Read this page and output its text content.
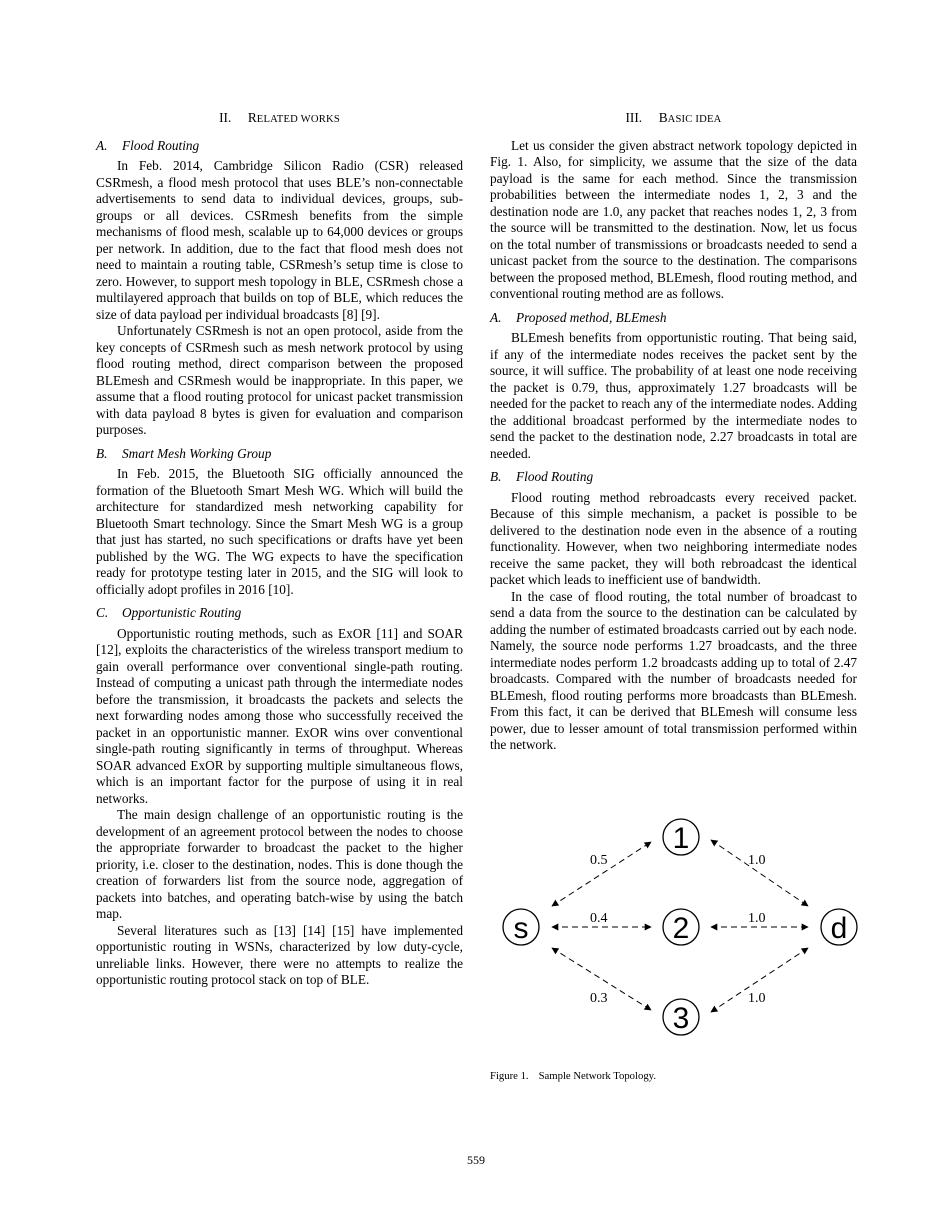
II. RELATED WORKS
A. Flood Routing

In Feb. 2014, Cambridge Silicon Radio (CSR) released CSRmesh, a flood mesh protocol that uses BLE’s non-connectable advertisements to send data to individual devices, groups, sub-groups or all devices. CSRmesh benefits from the simple mechanisms of flood mesh, scalable up to 64,000 devices or groups per network. In addition, due to the fact that flood mesh does not need to maintain a routing table, CSRmesh’s setup time is close to zero. However, to support mesh topology in BLE, CSRmesh chose a multilayered approach that builds on top of BLE, which reduces the size of data payload per individual broadcasts [8] [9].

Unfortunately CSRmesh is not an open protocol, aside from the key concepts of CSRmesh such as mesh network protocol by using flood routing method, direct comparison between the proposed BLEmesh and CSRmesh would be inappropriate. In this paper, we assume that a flood routing protocol for unicast packet transmission with data payload 8 bytes is given for evaluation and comparison purposes.

B. Smart Mesh Working Group

In Feb. 2015, the Bluetooth SIG officially announced the formation of the Bluetooth Smart Mesh WG. Which will build the architecture for standardized mesh networking capability for Bluetooth Smart technology. Since the Smart Mesh WG is a group that just has started, no such specifications or drafts have yet been published by the WG. The WG expects to have the specification ready for prototype testing later in 2015, and the SIG will look to officially adopt profiles in 2016 [10].

C. Opportunistic Routing

Opportunistic routing methods, such as ExOR [11] and SOAR [12], exploits the characteristics of the wireless transport medium to gain overall performance over conventional single-path routing. Instead of computing a unicast path through the intermediate nodes before the transmission, it broadcasts the packets and selects the next forwarding nodes among those who successfully received the packet in an opportunistic manner. ExOR wins over conventional single-path routing significantly in terms of throughput. Whereas SOAR advanced ExOR by supporting multiple simultaneous flows, which is an important factor for the purpose of using it in real networks.

The main design challenge of an opportunistic routing is the development of an agreement protocol between the nodes to choose the appropriate forwarder to broadcast the packet to the higher priority, i.e. closer to the destination, nodes. This is done though the creation of forwarders list from the source node, aggregation of packets into batches, and operating batch-wise by using the batch map.

Several literatures such as [13] [14] [15] have implemented opportunistic routing in WSNs, characterized by low duty-cycle, unreliable links. However, there were no attempts to realize the opportunistic routing protocol stack on top of BLE.

III. BASIC IDEA

Let us consider the given abstract network topology depicted in Fig. 1. Also, for simplicity, we assume that the size of the data payload is the same for each method. Since the transmission probabilities between the intermediate nodes 1, 2, 3 and the destination node are 1.0, any packet that reaches nodes 1, 2, 3 from the source will be transmitted to the destination. Now, let us focus on the total number of transmissions or broadcasts needed to send a unicast packet from the source to the destination. The comparisons between the proposed method, BLEmesh, flood routing method, and conventional routing method are as follows.

A. Proposed method, BLEmesh

BLEmesh benefits from opportunistic routing. That being said, if any of the intermediate nodes receives the packet sent by the source, it will suffice. The probability of at least one node receiving the packet is 0.79, thus, approximately 1.27 broadcasts will be needed for the packet to reach any of the intermediate nodes. Adding the additional broadcast performed by the intermediate nodes to send the packet to the destination node, 2.27 broadcasts in total are needed.

B. Flood Routing

Flood routing method rebroadcasts every received packet. Because of this simple mechanism, a packet is possible to be delivered to the destination node even in the absence of a routing functionality. However, when two neighboring intermediate nodes receive the same packet, they will both rebroadcast the identical packet which leads to inefficient use of bandwidth.

In the case of flood routing, the total number of broadcast to send a data from the source to the destination can be calculated by adding the number of estimated broadcasts carried out by each node. Namely, the source node performs 1.27 broadcasts, and the three intermediate nodes perform 1.2 broadcasts adding up to total of 2.47 broadcasts. Compared with the number of broadcasts needed for BLEmesh, flood routing performs more broadcasts than BLEmesh. From this fact, it can be derived that BLEmesh will consume less power, due to lesser amount of total transmission performed within the network.

0.5
0.4
0.3
1.0
1.0
1.0
s
1
2
3
d
Figure 1. Sample Network Topology.
559
